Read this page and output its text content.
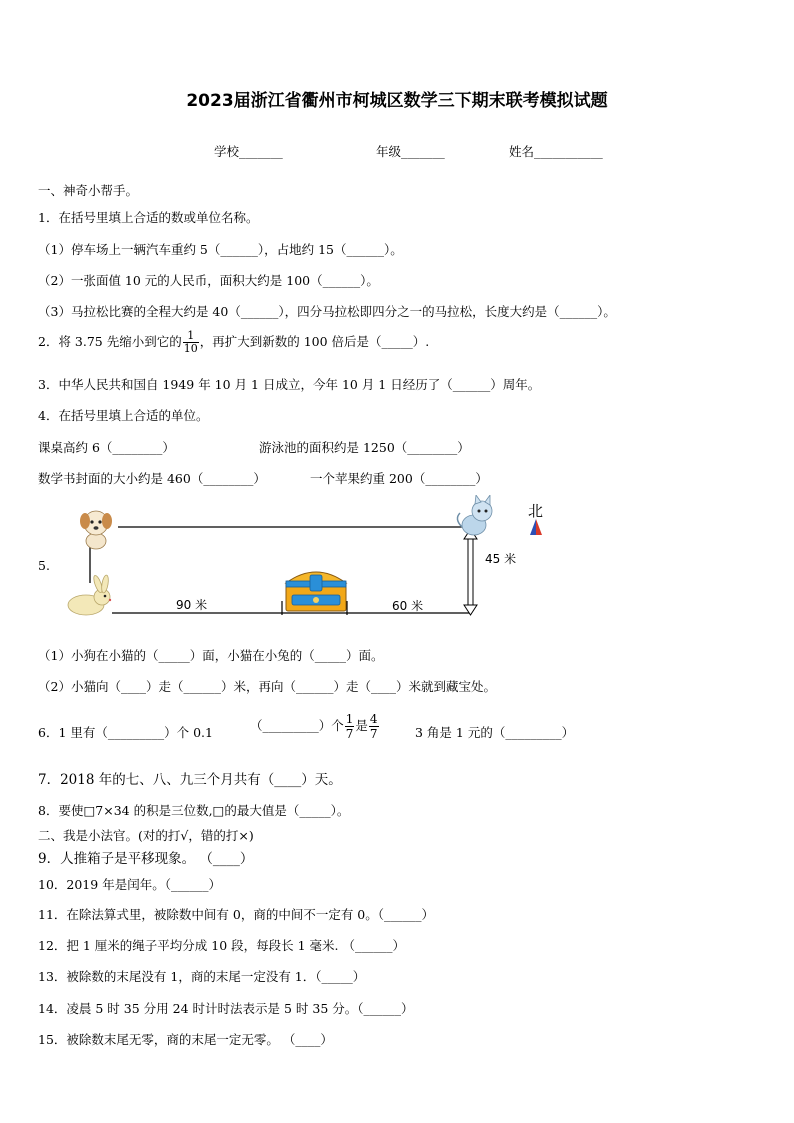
2023届浙江省衢州市柯城区数学三下期末联考模拟试题
学校_______	年级_______	姓名___________
一、神奇小帮手。
1．在括号里填上合适的数或单位名称。
（1）停车场上一辆汽车重约 5（______），占地约 15（______）。
（2）一张面值 10 元的人民币，面积大约是 100（______）。
（3）马拉松比赛的全程大约是 40（______），四分马拉松即四分之一的马拉松，长度大约是（______）。
2．将 3.75 先缩小到它的 $\frac{1}{10}$ ，再扩大到新数的 100 倍后是（_____）.
3．中华人民共和国自 1949 年 10 月 1 日成立，今年 10 月 1 日经历了（______）周年。
4．在括号里填上合适的单位。
课桌高约 6（________）	游泳池的面积约是 1250（________）
数学书封面的大小约是 460（________）	一个苹果约重 200（________）
5.
北
45 米
90 米	60 米
（1）小狗在小猫的（_____）面，小猫在小兔的（_____）面。
（2）小猫向（____）走（______）米，再向（______）走（____）米就到藏宝处。
6．1 里有（_________）个 0.1	（_________）个 $\frac{1}{7}$ 是 $\frac{4}{7}$	3 角是 1 元的（_________）
7．2018 年的七、八、九三个月共有（____）天。
8．要使□7×34 的积是三位数,□的最大值是（_____）。
二、我是小法官。(对的打√，错的打×)
9．人推箱子是平移现象。 （____）
10．2019 年是闰年。（______）
11．在除法算式里，被除数中间有 0，商的中间不一定有 0。（______）
12．把 1 厘米的绳子平均分成 10 段，每段长 1 毫米. （______）
13．被除数的末尾没有 1，商的末尾一定没有 1．（_____）
14．凌晨 5 时 35 分用 24 时计时法表示是 5 时 35 分。（______）
15．被除数末尾无零，商的末尾一定无零。 （____）
